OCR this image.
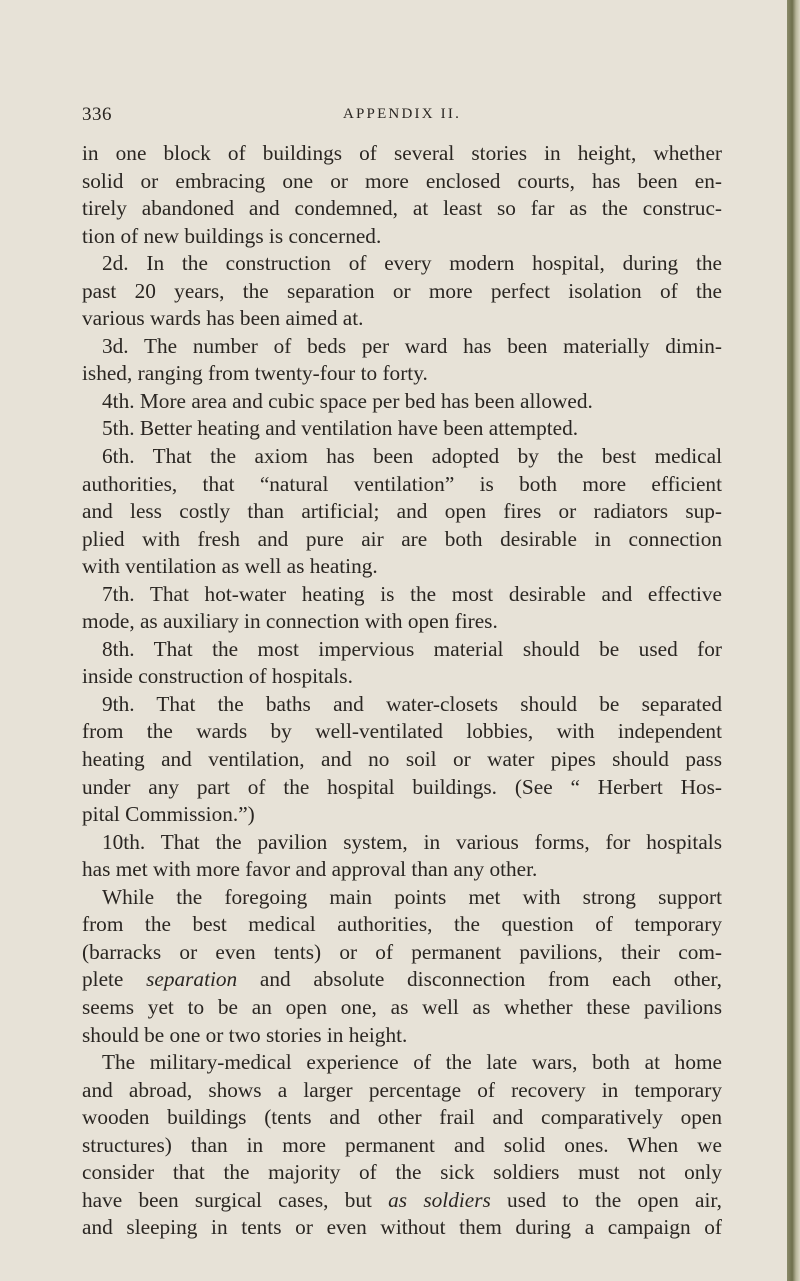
336	APPENDIX II.
in one block of buildings of several stories in height, whether
solid or embracing one or more enclosed courts, has been en-
tirely abandoned and condemned, at least so far as the construc-
tion of new buildings is concerned.
2d. In the construction of every modern hospital, during the
past 20 years, the separation or more perfect isolation of the
various wards has been aimed at.
3d. The number of beds per ward has been materially dimin-
ished, ranging from twenty-four to forty.
4th. More area and cubic space per bed has been allowed.
5th. Better heating and ventilation have been attempted.
6th. That the axiom has been adopted by the best medical
authorities, that “natural ventilation” is both more efficient
and less costly than artificial; and open fires or radiators sup-
plied with fresh and pure air are both desirable in connection
with ventilation as well as heating.
7th. That hot-water heating is the most desirable and effective
mode, as auxiliary in connection with open fires.
8th. That the most impervious material should be used for
inside construction of hospitals.
9th. That the baths and water-closets should be separated
from the wards by well-ventilated lobbies, with independent
heating and ventilation, and no soil or water pipes should pass
under any part of the hospital buildings. (See “ Herbert Hos-
pital Commission.”)
10th. That the pavilion system, in various forms, for hospitals
has met with more favor and approval than any other.
While the foregoing main points met with strong support
from the best medical authorities, the question of temporary
(barracks or even tents) or of permanent pavilions, their com-
plete separation and absolute disconnection from each other,
seems yet to be an open one, as well as whether these pavilions
should be one or two stories in height.
The military-medical experience of the late wars, both at home
and abroad, shows a larger percentage of recovery in temporary
wooden buildings (tents and other frail and comparatively open
structures) than in more permanent and solid ones. When we
consider that the majority of the sick soldiers must not only
have been surgical cases, but as soldiers used to the open air,
and sleeping in tents or even without them during a campaign of
